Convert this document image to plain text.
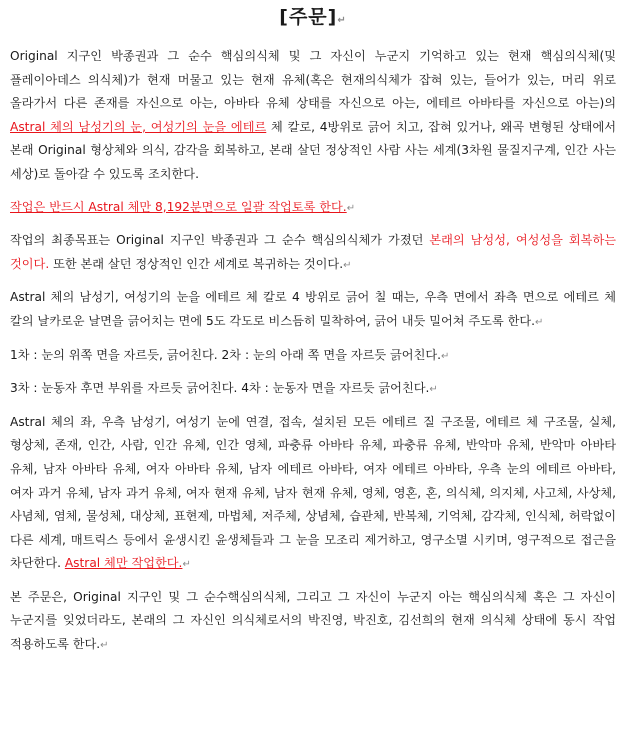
[주문]↵

Original 지구인 박종권과 그 순수 핵심의식체 및 그 자신이 누군지 기억하고 있는 현재 핵심의식체(및 플레이아데스 의식체)가 현재 머물고 있는 현재 유체(혹은 현재의식체가 잡혀 있는, 들어가 있는, 머리 위로 올라가서 다른 존재를 자신으로 아는, 아바타 유체 상태를 자신으로 아는, 에테르 아바타를 자신으로 아는)의 Astral 체의 남성기의 눈, 여성기의 눈을 에테르 체 칼로, 4방위로 긁어 치고, 잡혀 있거나, 왜곡 변형된 상태에서 본래 Original 형상체와 의식, 감각을 회복하고, 본래 살던 정상적인 사람 사는 세계(3차원 물질지구계, 인간 사는 세상)로 돌아갈 수 있도록 조치한다.

작업은 반드시 Astral 체만 8,192분면으로 일괄 작업토록 한다.↵

작업의 최종목표는 Original 지구인 박종권과 그 순수 핵심의식체가 가졌던 본래의 남성성, 여성성을 회복하는 것이다. 또한 본래 살던 정상적인 인간 세계로 복귀하는 것이다.↵

Astral 체의 남성기, 여성기의 눈을 에테르 체 칼로 4 방위로 긁어 칠 때는, 우측 면에서 좌측 면으로 에테르 체 칼의 날카로운 날면을 긁어치는 면에 5도 각도로 비스듬히 밀착하여, 긁어 내듯 밀어쳐 주도록 한다.↵

1차 : 눈의 위쪽 면을 자르듯, 긁어친다. 2차 : 눈의 아래 쪽 면을 자르듯 긁어친다.↵

3차 : 눈동자 후면 부위를 자르듯 긁어친다. 4차 : 눈동자 면을 자르듯 긁어친다.↵

Astral 체의 좌, 우측 남성기, 여성기 눈에 연결, 접속, 설치된 모든 에테르 질 구조물, 에테르 체 구조물, 실체, 형상체, 존재, 인간, 사람, 인간 유체, 인간 영체, 파충류 아바타 유체, 파충류 유체, 반악마 유체, 반악마 아바타 유체, 남자 아바타 유체, 여자 아바타 유체, 남자 에테르 아바타, 여자 에테르 아바타, 우측 눈의 에테르 아바타, 여자 과거 유체, 남자 과거 유체, 여자 현재 유체, 남자 현재 유체, 영체, 영혼, 혼, 의식체, 의지체, 사고체, 사상체, 사념체, 염체, 물성체, 대상체, 표현제, 마법체, 저주체, 상념체, 습관체, 반복체, 기억체, 감각체, 인식체, 허락없이 다른 세계, 매트릭스 등에서 윤생시킨 윤생체들과 그 눈을 모조리 제거하고, 영구소멸 시키며, 영구적으로 접근을 차단한다. Astral 체만 작업한다.↵

본 주문은, Original 지구인 및 그 순수핵심의식체, 그리고 그 자신이 누군지 아는 핵심의식체 혹은 그 자신이 누군지를 잊었더라도, 본래의 그 자신인 의식체로서의 박진영, 박진호, 김선희의 현재 의식체 상태에 동시 작업 적용하도록 한다.↵
